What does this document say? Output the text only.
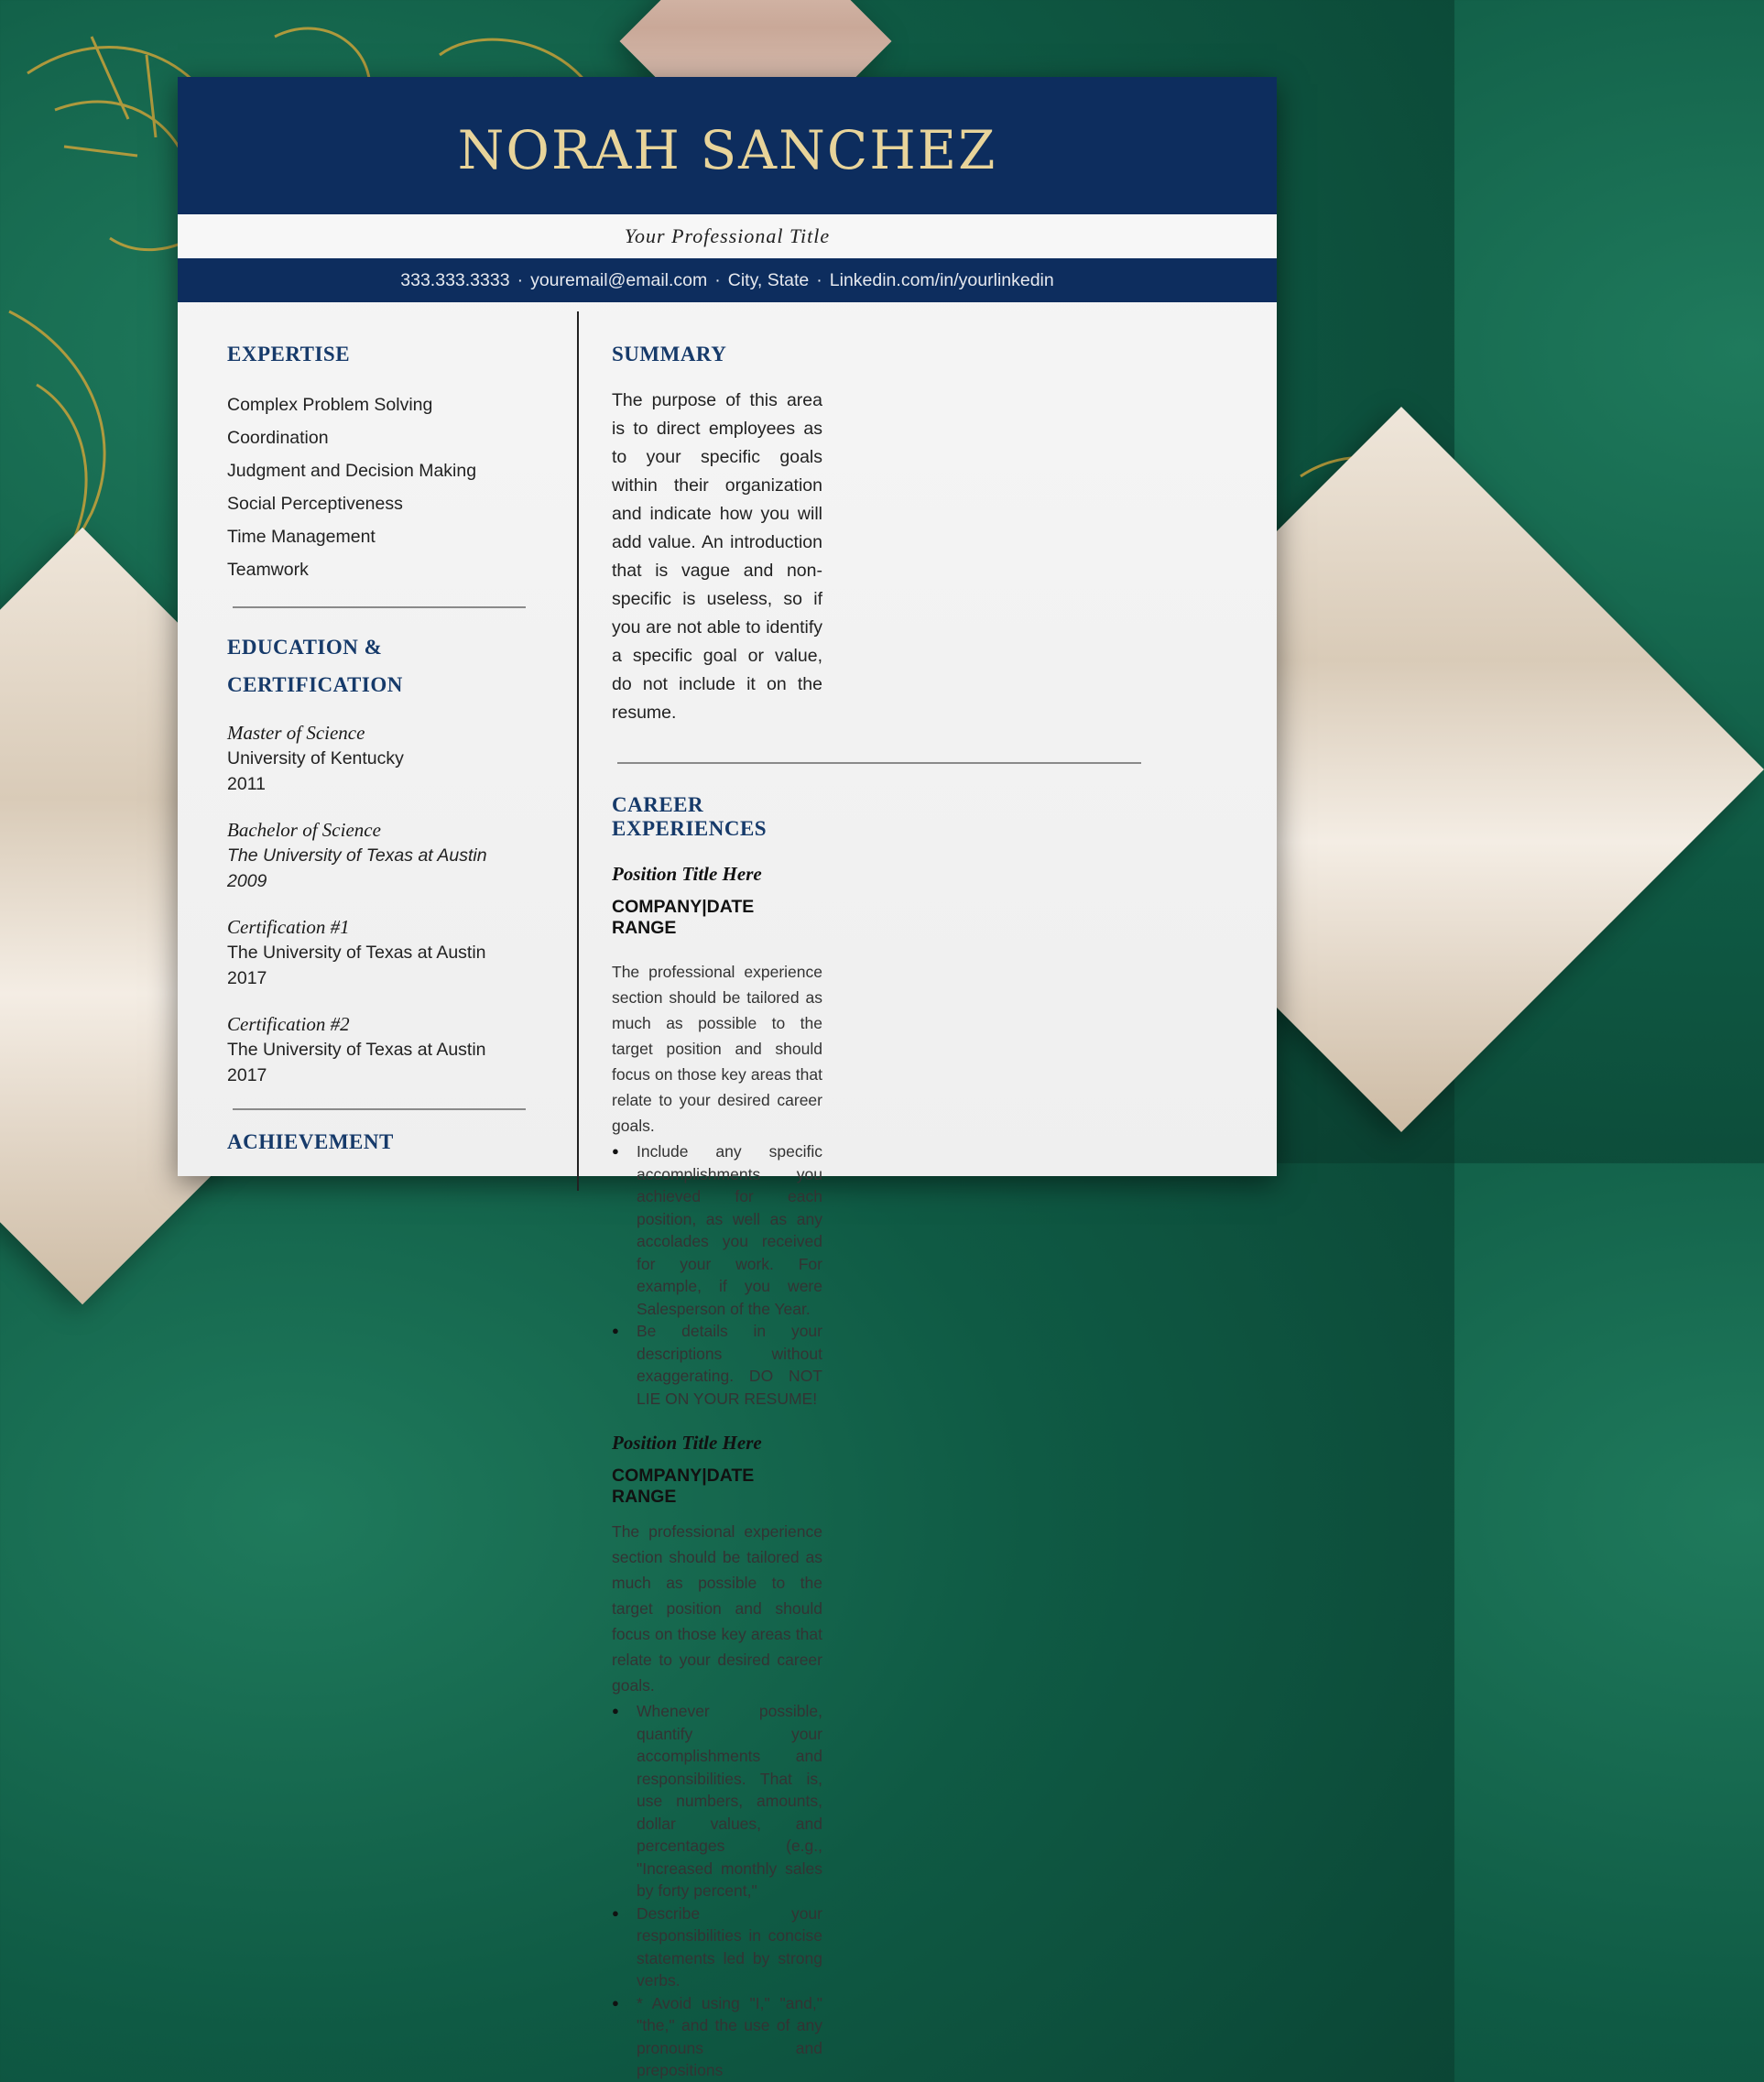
NORAH SANCHEZ
Your Professional Title
333.333.3333 · youremail@email.com · City, State · Linkedin.com/in/yourlinkedin
EXPERTISE
Complex Problem Solving
Coordination
Judgment and Decision Making
Social Perceptiveness
Time Management
Teamwork
EDUCATION &
CERTIFICATION
Master of Science
University of Kentucky
2011
Bachelor of Science
The University of Texas at Austin
2009
Certification #1
The University of Texas at Austin
2017
Certification #2
The University of Texas at Austin
2017
ACHIEVEMENT
SUMMARY

The purpose of this area is to direct employees as to your specific goals within their organization and indicate how you will add value. An introduction that is vague and non-specific is useless, so if you are not able to identify a specific goal or value, do not include it on the resume.

CAREER EXPERIENCES
Position Title Here
COMPANY|DATE RANGE

The professional experience section should be tailored as much as possible to the target position and should focus on those key areas that relate to your desired career goals.

● Include any specific accomplishments you achieved for each position, as well as any accolades you received for your work. For example, if you were Salesperson of the Year.
● Be details in your descriptions without exaggerating. DO NOT LIE ON YOUR RESUME!
Position Title Here
COMPANY|DATE RANGE

The professional experience section should be tailored as much as possible to the target position and should focus on those key areas that relate to your desired career goals.

● Whenever possible, quantify your accomplishments and responsibilities. That is, use numbers, amounts, dollar values, and percentages (e.g., "Increased monthly sales by forty percent,"
● Describe your responsibilities in concise statements led by strong verbs.
● * Avoid using "I," "and," "the," and the use of any pronouns and prepositions
